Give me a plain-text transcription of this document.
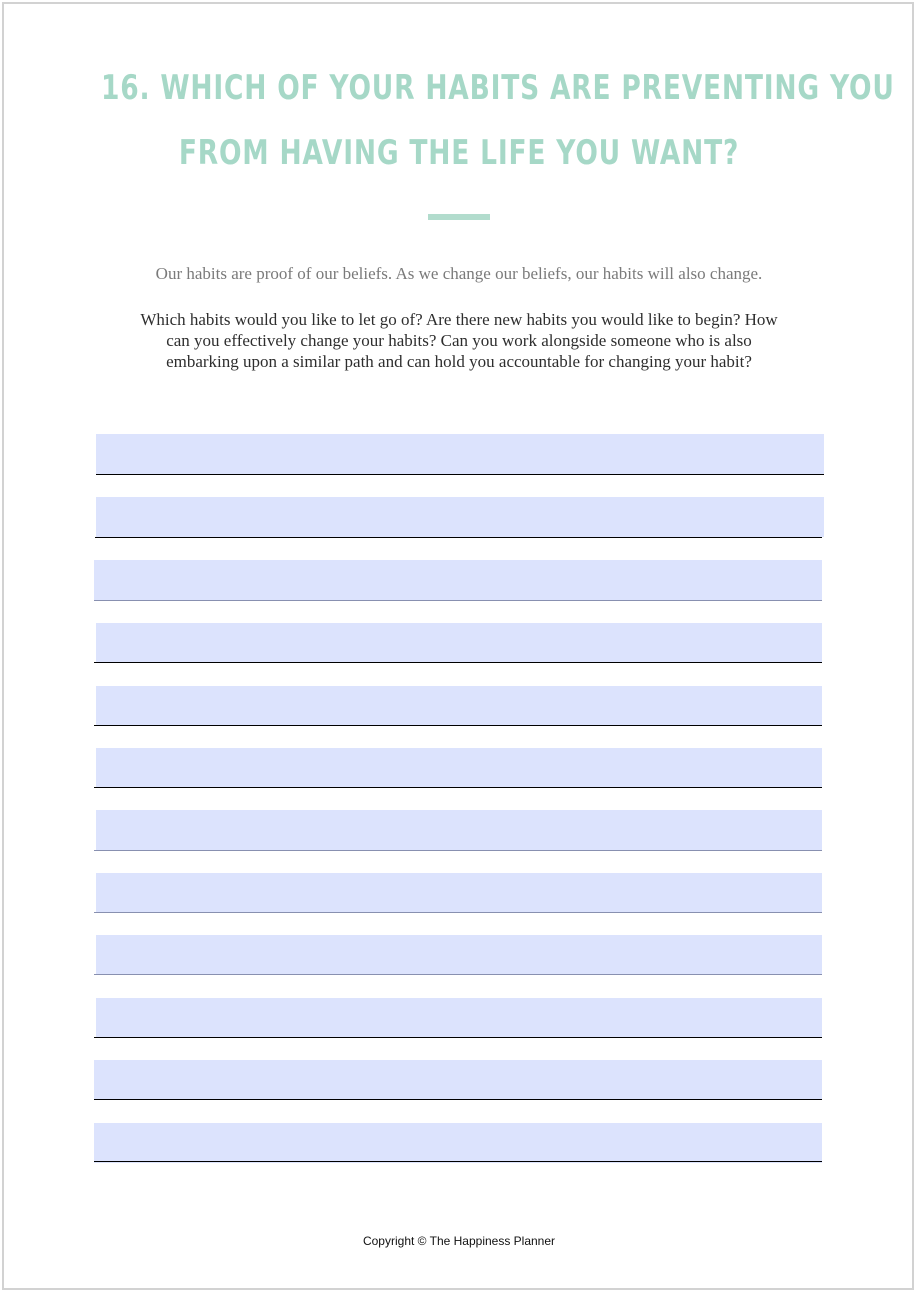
16. WHICH OF YOUR HABITS ARE PREVENTING YOU
FROM HAVING THE LIFE YOU WANT?
Our habits are proof of our beliefs. As we change our beliefs, our habits will also change.
Which habits would you like to let go of? Are there new habits you would like to begin? How can you effectively change your habits? Can you work alongside someone who is also embarking upon a similar path and can hold you accountable for changing your habit?
Copyright © The Happiness Planner
